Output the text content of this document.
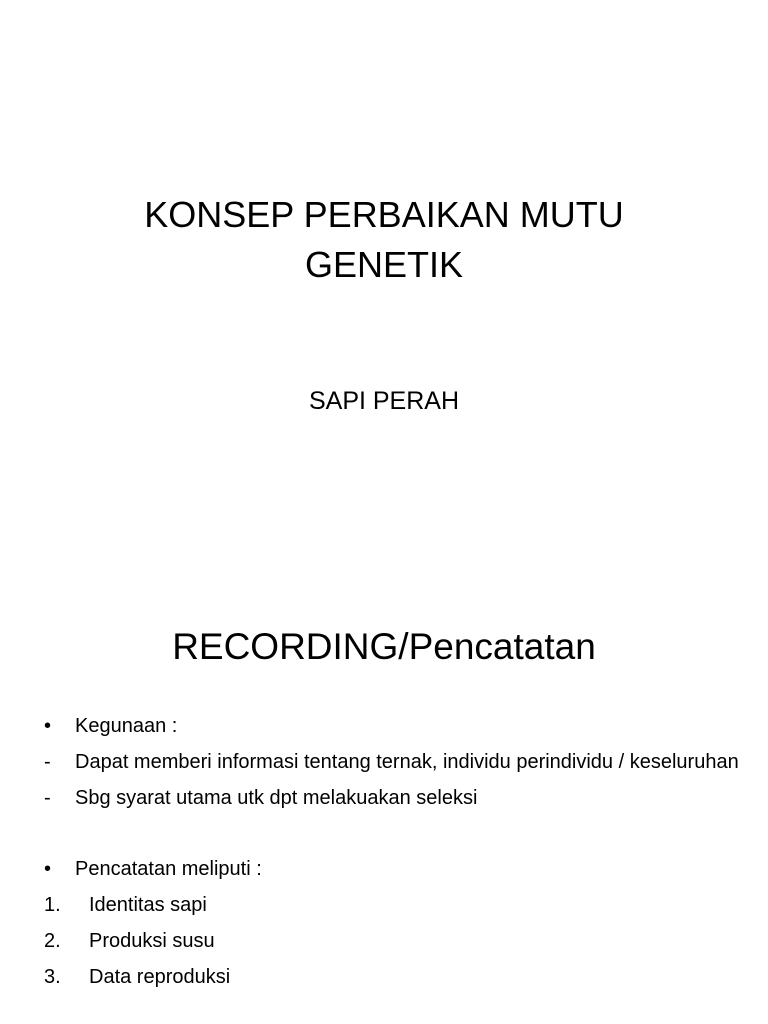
KONSEP PERBAIKAN MUTU
GENETIK
SAPI PERAH
RECORDING/Pencatatan
• Kegunaan :
- Dapat memberi informasi tentang ternak, individu perindividu / keseluruhan
- Sbg syarat utama utk dpt melakuakan seleksi
• Pencatatan meliputi :
1. Identitas sapi
2. Produksi susu
3. Data reproduksi
